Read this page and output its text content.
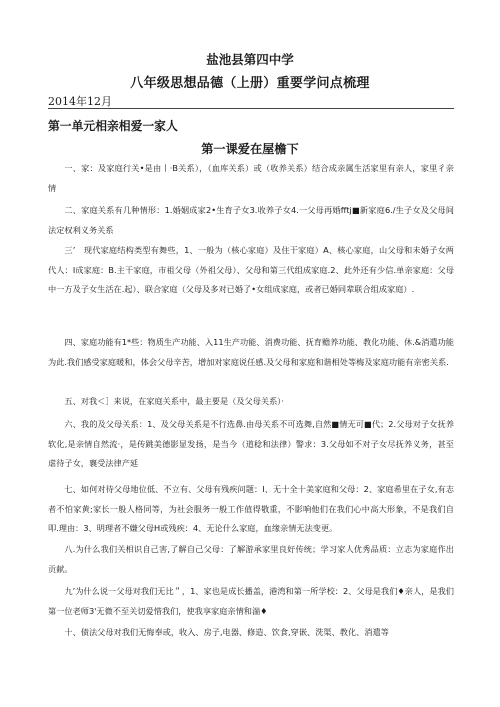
盐池县第四中学
八年级思想品德（上册）重要学问点梳理
2014年12月
第一单元相亲相爱一家人
第一课爱在屋檐下

一、家：及家庭行关•是由丨·B关系），（血库关系）或（收养关系）结合成亲属生活家里有亲人，家里彳亲情

二、家庭关系有几种情形：1.婚姻成家2•生育子女3.收养子女4.一父母再婚fftj■新家庭6./生子女及父母间法定权利义务关系

三’　现代家庭结构类型有舞些，1、一般为（核心家庭）及住干家庭）A、核心家庭，山父母和未婚子女两代人：I成家庭：B.主干家庭，市祖父母（外祖父母）、父母和第三代组成家庭.2、此外还有少信.单亲家庭：父母中一方及子女生活在.起）、联合家庭（父母及多对已婚了•女组成家庭，或者已婚同辈联合组成家庭）.

四、家庭功能有1*些：物质生产功能、入11生产功能、消费功能、抚育赡养功能、教化功能、休.&消遣功能为此.我们感受家庭暖和，体会父母辛苦，增加对家庭说任感.及父母和家庭和谐相处等梅及家庭功能有亲密关系.

五、对我＜］来说，在家庭关系中，最主要是（及父母关系）·

六、我的及父母关系：1、及父母关系是不行选鼻.由母关系不可选舞,自然■情无可■代；2.父母对子女抚养软化,是亲情自然流·，是传跳美德影显发扬，是当今（道稔和法律）警求：3.父母如不对子女尽抚养义务，甚至虐待子女，襄受法律产延

七、如何对待父母地位低、不立有、父母有残疾问题：I、无十全十美家庭和父母：2、家庭希里在子女,有志者不怕家黄;家长一般人格同等，为社会服务一般工作值得敬重，不影响他们在我们心中高大形象，不是我们自叩.理由：3、明理者不嫌父母H或残疾：4、无论什么家庭，血缘亲情无法变更。

八.为什么我们关相识自己害,了解自己父母：了解游承家里良好传统；学习家人优秀品质：立志为家庭作出贡献。

九’为什么说一父母对我们无比＂，1、家也是成长播盖，港湾和第一所学校：2、父母是我们♦亲人，是我们第一位老师3'无微不至关切爱惜我们，使我享家庭亲情和湍♦

十、债法父母对我们无悔奉或，收入、房子,电器、修造、饮食,穿嵌、洗渠、教化、消遣等
